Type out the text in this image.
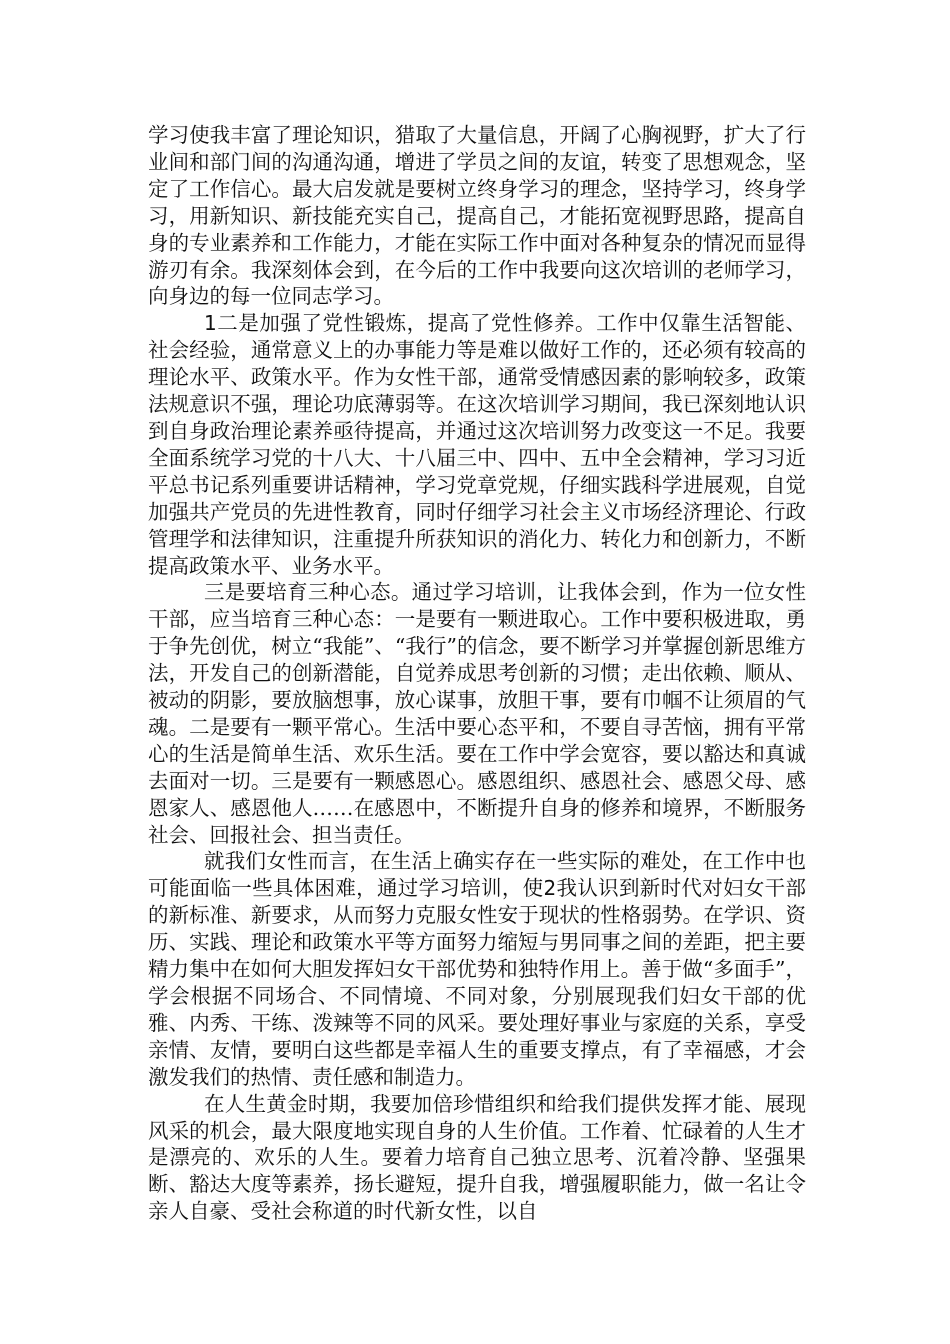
学习使我丰富了理论知识，猎取了大量信息，开阔了心胸视野，扩大了行业间和部门间的沟通沟通，增进了学员之间的友谊，转变了思想观念，坚定了工作信心。最大启发就是要树立终身学习的理念，坚持学习，终身学习，用新知识、新技能充实自己，提高自己，才能拓宽视野思路，提高自身的专业素养和工作能力，才能在实际工作中面对各种复杂的情况而显得游刃有余。我深刻体会到，在今后的工作中我要向这次培训的老师学习，向身边的每一位同志学习。

1二是加强了党性锻炼，提高了党性修养。工作中仅靠生活智能、社会经验，通常意义上的办事能力等是难以做好工作的，还必须有较高的理论水平、政策水平。作为女性干部，通常受情感因素的影响较多，政策法规意识不强，理论功底薄弱等。在这次培训学习期间，我已深刻地认识到自身政治理论素养亟待提高，并通过这次培训努力改变这一不足。我要全面系统学习党的十八大、十八届三中、四中、五中全会精神，学习习近平总书记系列重要讲话精神，学习党章党规，仔细实践科学进展观，自觉加强共产党员的先进性教育，同时仔细学习社会主义市场经济理论、行政管理学和法律知识，注重提升所获知识的消化力、转化力和创新力，不断提高政策水平、业务水平。

三是要培育三种心态。通过学习培训，让我体会到，作为一位女性干部，应当培育三种心态：一是要有一颗进取心。工作中要积极进取，勇于争先创优，树立“我能”、“我行”的信念，要不断学习并掌握创新思维方法，开发自己的创新潜能，自觉养成思考创新的习惯；走出依赖、顺从、被动的阴影，要放脑想事，放心谋事，放胆干事，要有巾帼不让须眉的气魂。二是要有一颗平常心。生活中要心态平和，不要自寻苦恼，拥有平常心的生活是简单生活、欢乐生活。要在工作中学会宽容，要以豁达和真诚去面对一切。三是要有一颗感恩心。感恩组织、感恩社会、感恩父母、感恩家人、感恩他人……在感恩中，不断提升自身的修养和境界，不断服务社会、回报社会、担当责任。

就我们女性而言，在生活上确实存在一些实际的难处，在工作中也可能面临一些具体困难，通过学习培训，使2我认识到新时代对妇女干部的新标准、新要求，从而努力克服女性安于现状的性格弱势。在学识、资历、实践、理论和政策水平等方面努力缩短与男同事之间的差距，把主要精力集中在如何大胆发挥妇女干部优势和独特作用上。善于做“多面手”，学会根据不同场合、不同情境、不同对象，分别展现我们妇女干部的优雅、内秀、干练、泼辣等不同的风采。要处理好事业与家庭的关系，享受亲情、友情，要明白这些都是幸福人生的重要支撑点，有了幸福感，才会激发我们的热情、责任感和制造力。

在人生黄金时期，我要加倍珍惜组织和给我们提供发挥才能、展现风采的机会，最大限度地实现自身的人生价值。工作着、忙碌着的人生才是漂亮的、欢乐的人生。要着力培育自己独立思考、沉着冷静、坚强果断、豁达大度等素养，扬长避短，提升自我，增强履职能力，做一名让令亲人自豪、受社会称道的时代新女性，以自
